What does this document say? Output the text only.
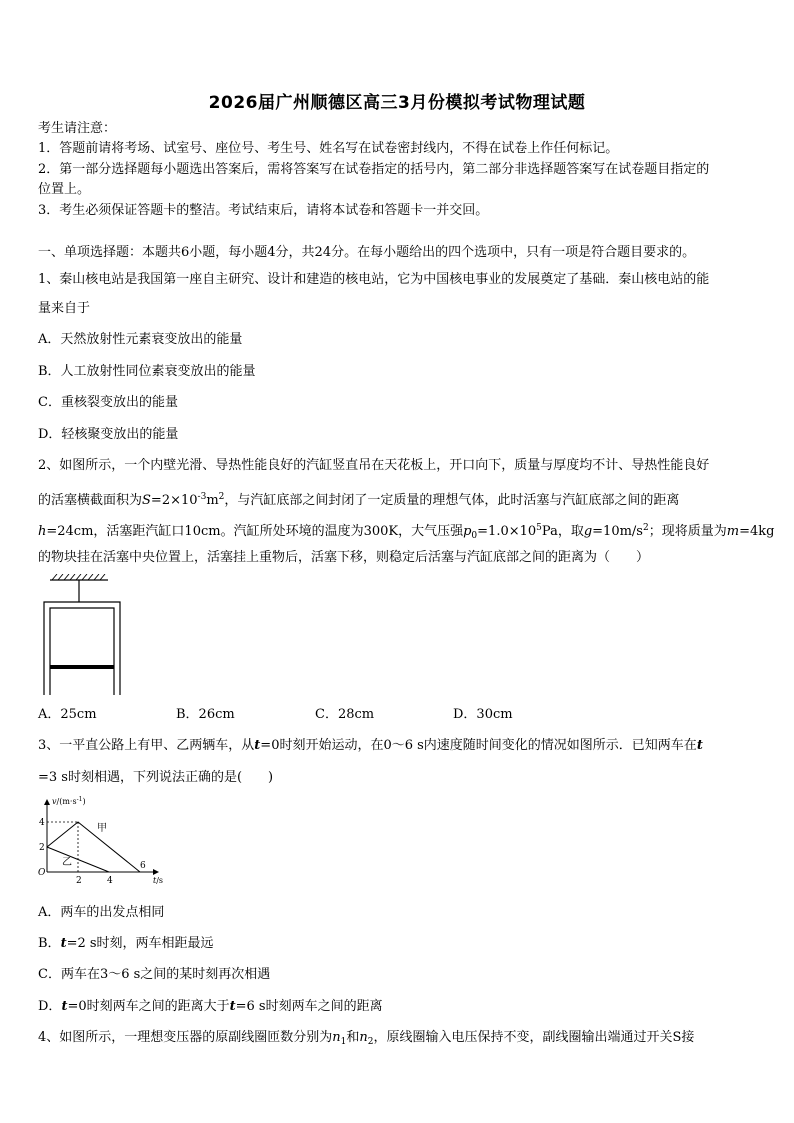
2026届广州顺德区高三3月份模拟考试物理试题
考生请注意：
1．答题前请将考场、试室号、座位号、考生号、姓名写在试卷密封线内，不得在试卷上作任何标记。
2．第一部分选择题每小题选出答案后，需将答案写在试卷指定的括号内，第二部分非选择题答案写在试卷题目指定的
位置上。
3．考生必须保证答题卡的整洁。考试结束后，请将本试卷和答题卡一并交回。
一、单项选择题：本题共6小题，每小题4分，共24分。在每小题给出的四个选项中，只有一项是符合题目要求的。
1、秦山核电站是我国第一座自主研究、设计和建造的核电站，它为中国核电事业的发展奠定了基础．秦山核电站的能
量来自于
A．天然放射性元素衰变放出的能量
B．人工放射性同位素衰变放出的能量
C．重核裂变放出的能量
D．轻核聚变放出的能量
2、如图所示，一个内壁光滑、导热性能良好的汽缸竖直吊在天花板上，开口向下，质量与厚度均不计、导热性能良好
的活塞横截面积为$S=2\times 10^{-3}m^2$，与汽缸底部之间封闭了一定质量的理想气体，此时活塞与汽缸底部之间的距离
h=24cm，活塞距汽缸口10cm。汽缸所处环境的温度为300K，大气压强$p_0=1.0\times 10^5Pa$，取$g=10m/s^2$；现将质量为m=4kg
的物块挂在活塞中央位置上，活塞挂上重物后，活塞下移，则稳定后活塞与汽缸底部之间的距离为（　　）
A．25cm	B．26cm	C．28cm	D．30cm
3、一平直公路上有甲、乙两辆车，从t=0时刻开始运动，在0～6 s内速度随时间变化的情况如图所示．已知两车在t
=3 s时刻相遇，下列说法正确的是(　　)
$v/(m\cdot s^{-1})$
t/s
O
4
2
2	4
6
甲
乙
A．两车的出发点相同
B．t=2 s时刻，两车相距最远
C．两车在3～6 s之间的某时刻再次相遇
D．t=0时刻两车之间的距离大于t=6 s时刻两车之间的距离
4、如图所示，一理想变压器的原副线圈匝数分别为$n_1$和$n_2$，原线圈输入电压保持不变，副线圈输出端通过开关S接
